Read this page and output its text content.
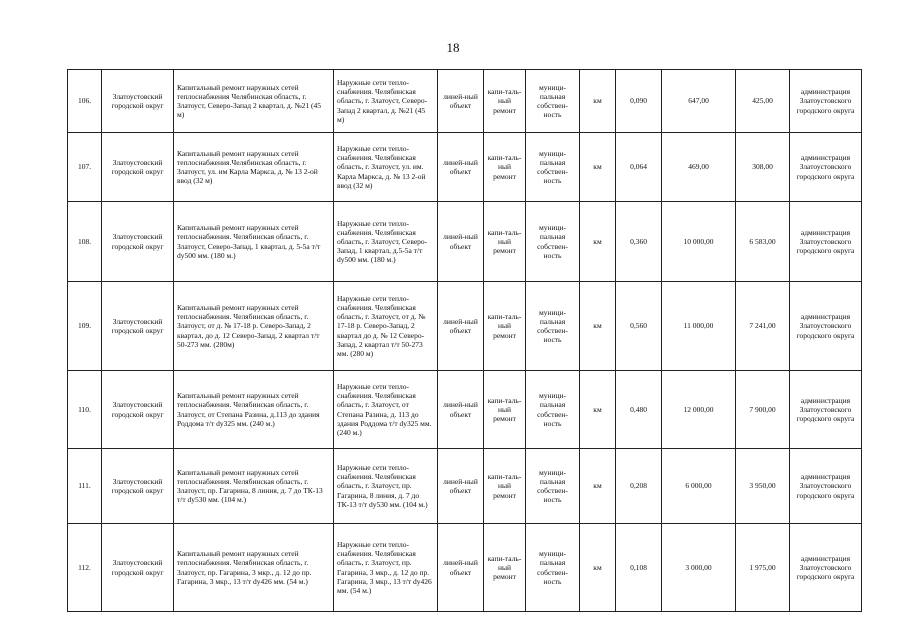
18
106.	Златоустовский городской округ	Капитальный ремонт наружных сетей теплоснабжения Челябинская область, г. Златоуст, Северо-Запад 2 квартал, д. №21 (45 м)	Наружные сети тепло-снабжения. Челябинская область, г. Златоуст, Северо-Запад 2 квартал, д. №21 (45 м)	линей-ный объект	капи-таль-ный ремонт	муници-пальная собствен-ность	км	0,090	647,00	425,00	администрация Златоустовского городского округа
107.	Златоустовский городской округ	Капитальный ремонт наружных сетей теплоснабжения.Челябинская область, г. Златоуст, ул. им Карла Маркса, д. № 13 2-ой ввод (32 м)	Наружные сети тепло-снабжения. Челябинская область, г. Златоуст, ул. им. Карла Маркса, д. № 13 2-ой ввод (32 м)	линей-ный объект	капи-таль-ный ремонт	муници-пальная собствен-ность	км	0,064	469,00	308,00	администрация Златоустовского городского округа
108.	Златоустовский городской округ	Капитальный ремонт наружных сетей теплоснабжения. Челябинская область, г. Златоуст, Северо-Запад, 1 квартал, д. 5-5а т/т dy500 мм. (180 м.)	Наружные сети тепло-снабжения. Челябинская область, г. Златоуст, Северо-Запад, 1 квартал, д.5-5а т/т dy500 мм. (180 м.)	линей-ный объект	капи-таль-ный ремонт	муници-пальная собствен-ность	км	0,360	10 000,00	6 583,00	администрация Златоустовского городского округа
109.	Златоустовский городской округ	Капитальный ремонт наружных сетей теплоснабжения. Челябинская область, г. Златоуст, от д. № 17-18 р. Северо-Запад, 2 квартал, до д. 12 Северо-Запад, 2 квартал т/т 50-273 мм. (280м)	Наружные сети тепло-снабжения. Челябинская область, г. Златоуст, от д. № 17-18 р. Северо-Запад, 2 квартал до д. № 12 Северо-Запад, 2 квартал т/т 50-273 мм. (280 м)	линей-ный объект	капи-таль-ный ремонт	муници-пальная собствен-ность	км	0,560	11 000,00	7 241,00	администрация Златоустовского городского округа
110.	Златоустовский городской округ	Капитальный ремонт наружных сетей теплоснабжения. Челябинская область, г. Златоуст, от Степана Разина, д.113 до здания Роддома т/т dy325 мм. (240 м.)	Наружные сети тепло-снабжения. Челябинская область, г. Златоуст, от Степана Разина, д. 113 до здания Роддома т/т dy325 мм. (240 м.)	линей-ный объект	капи-таль-ный ремонт	муници-пальная собствен-ность	км	0,480	12 000,00	7 900,00	администрация Златоустовского городского округа
111.	Златоустовский городской округ	Капитальный ремонт наружных сетей теплоснабжения. Челябинская область, г. Златоуст, пр. Гагарина, 8 линия, д. 7 до ТК-13 т/т dy530 мм. (104 м.)	Наружные сети тепло-снабжения. Челябинская область, г. Златоуст, пр. Гагарина, 8 линия, д. 7 до ТК-13 т/т dy530 мм. (104 м.)	линей-ный объект	капи-таль-ный ремонт	муници-пальная собствен-ность	км	0,208	6 000,00	3 950,00	администрация Златоустовского городского округа
112.	Златоустовский городской округ	Капитальный ремонт наружных сетей теплоснабжения. Челябинская область, г. Златоуст, пр. Гагарина, 3 мкр., д. 12 до пр. Гагарина, 3 мкр., 13 т/т dy426 мм. (54 м.)	Наружные сети тепло-снабжения. Челябинская область, г. Златоуст, пр. Гагарина, 3 мкр., д. 12 до пр. Гагарина, 3 мкр., 13 т/т dy426 мм. (54 м.)	линей-ный объект	капи-таль-ный ремонт	муници-пальная собствен-ность	км	0,108	3 000,00	1 975,00	администрация Златоустовского городского округа
